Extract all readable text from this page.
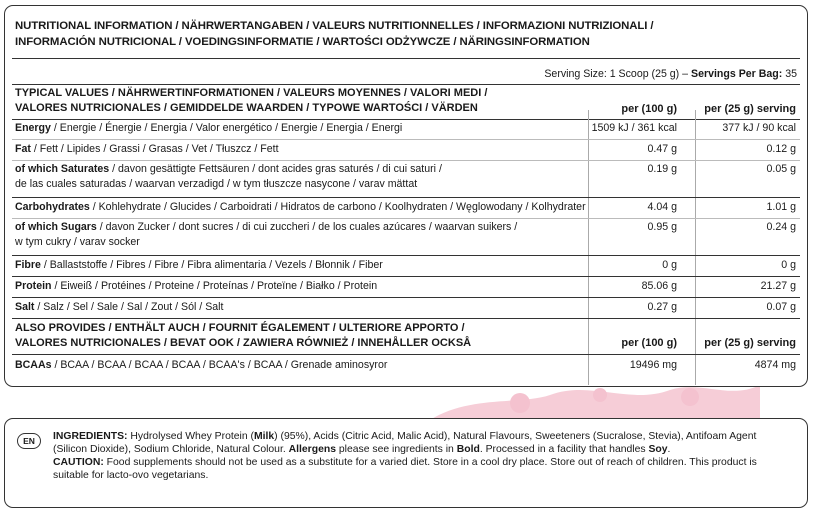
NUTRITIONAL INFORMATION / NÄHRWERTANGABEN / VALEURS NUTRITIONNELLES / INFORMAZIONI NUTRIZIONALI /
INFORMACIÓN NUTRICIONAL / VOEDINGSINFORMATIE / WARTOŚCI ODŻYWCZE / NÄRINGSINFORMATION
Serving Size: 1 Scoop (25 g) – Servings Per Bag: 35
TYPICAL VALUES / NÄHRWERTINFORMATIONEN / VALEURS MOYENNES / VALORI MEDI /
VALORES NUTRICIONALES / GEMIDDELDE WAARDEN / TYPOWE WARTOŚCI / VÄRDEN	per (100 g)	per (25 g) serving
Energy / Energie / Énergie / Energia / Valor energético / Energie / Energia / Energi	1509 kJ / 361 kcal	377 kJ / 90 kcal
Fat / Fett / Lipides / Grassi / Grasas / Vet / Tłuszcz / Fett	0.47 g	0.12 g
of which Saturates / davon gesättigte Fettsäuren / dont acides gras saturés / di cui saturi /
de las cuales saturadas / waarvan verzadigd / w tym tłuszcze nasycone / varav mättat
0.19 g	0.05 g
Carbohydrates / Kohlehydrate / Glucides / Carboidrati / Hidratos de carbono / Koolhydraten / Węglowodany / Kolhydrater	4.04 g	1.01 g
of which Sugars / davon Zucker / dont sucres / di cui zuccheri / de los cuales azúcares / waarvan suikers /
w tym cukry / varav socker
0.95 g	0.24 g
Fibre / Ballaststoffe / Fibres / Fibre / Fibra alimentaria / Vezels / Błonnik / Fiber	0 g	0 g
Protein / Eiweiß / Protéines / Proteine / Proteínas / Proteïne / Białko / Protein	85.06 g	21.27 g
Salt / Salz / Sel / Sale / Sal / Zout / Sól / Salt	0.27 g	0.07 g
ALSO PROVIDES / ENTHÄLT AUCH / FOURNIT ÉGALEMENT / ULTERIORE APPORTO /
VALORES NUTRICIONALES / BEVAT OOK / ZAWIERA RÓWNIEŻ / INNEHÅLLER OCKSÅ	per (100 g)	per (25 g) serving
BCAAs / BCAA / BCAA / BCAA / BCAA / BCAA's / BCAA / Grenade aminosyror	19496 mg	4874 mg
EN	INGREDIENTS: Hydrolysed Whey Protein (Milk) (95%), Acids (Citric Acid, Malic Acid), Natural Flavours, Sweeteners (Sucralose, Stevia), Antifoam Agent (Silicon Dioxide), Sodium Chloride, Natural Colour. Allergens please see ingredients in Bold. Processed in a facility that handles Soy.
CAUTION: Food supplements should not be used as a substitute for a varied diet. Store in a cool dry place. Store out of reach of children. This product is suitable for lacto-ovo vegetarians.
